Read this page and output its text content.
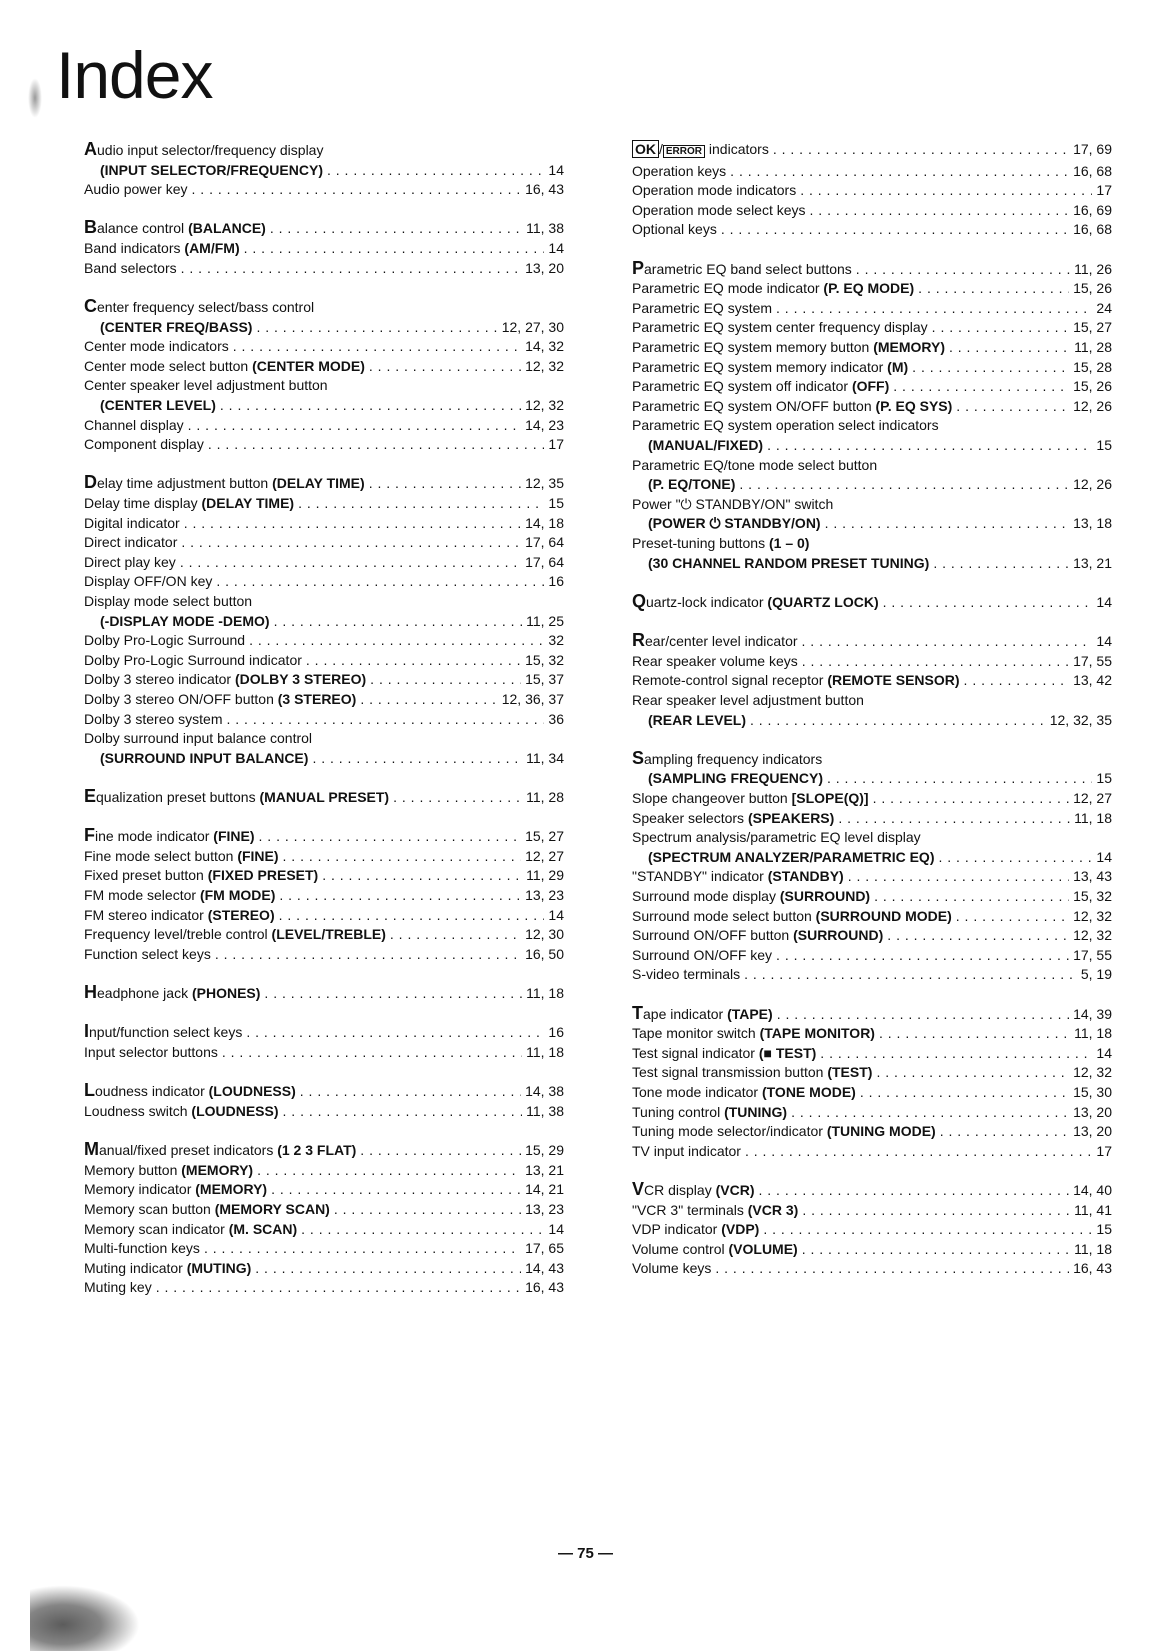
Index
Audio input selector/frequency display
(INPUT SELECTOR/FREQUENCY) . . .	14
Audio power key . . .	16, 43
Balance control (BALANCE) . . .	11, 38
Band indicators (AM/FM) . . .	14
Band selectors . . .	13, 20
Center frequency select/bass control
(CENTER FREQ/BASS) . . .	12, 27, 30
Center mode indicators . . .	14, 32
Center mode select button (CENTER MODE) . . .	12, 32
Center speaker level adjustment button
(CENTER LEVEL) . . .	12, 32
Channel display . . .	14, 23
Component display . . .	17
Delay time adjustment button (DELAY TIME) . . .	12, 35
Delay time display (DELAY TIME) . . .	15
Digital indicator . . .	14, 18
Direct indicator . . .	17, 64
Direct play key . . .	17, 64
Display OFF/ON key . . .	16
Display mode select button
(-DISPLAY MODE -DEMO) . . .	11, 25
Dolby Pro-Logic Surround . . .	32
Dolby Pro-Logic Surround indicator . . .	15, 32
Dolby 3 stereo indicator (DOLBY 3 STEREO) . . .	15, 37
Dolby 3 stereo ON/OFF button (3 STEREO) . . .	12, 36, 37
Dolby 3 stereo system . . .	36
Dolby surround input balance control
(SURROUND INPUT BALANCE) . . .	11, 34
Equalization preset buttons (MANUAL PRESET) . . .	11, 28
Fine mode indicator (FINE) . . .	15, 27
Fine mode select button (FINE) . . .	12, 27
Fixed preset button (FIXED PRESET) . . .	11, 29
FM mode selector (FM MODE) . . .	13, 23
FM stereo indicator (STEREO) . . .	14
Frequency level/treble control (LEVEL/TREBLE) . . .	12, 30
Function select keys . . .	16, 50
Headphone jack (PHONES) . . .	11, 18
Input/function select keys . . .	16
Input selector buttons . . .	11, 18
Loudness indicator (LOUDNESS) . . .	14, 38
Loudness switch (LOUDNESS) . . .	11, 38
Manual/fixed preset indicators (1 2 3 FLAT) . . .	15, 29
Memory button (MEMORY) . . .	13, 21
Memory indicator (MEMORY) . . .	14, 21
Memory scan button (MEMORY SCAN) . . .	13, 23
Memory scan indicator (M. SCAN) . . .	14
Multi-function keys . . .	17, 65
Muting indicator (MUTING) . . .	14, 43
Muting key . . .	16, 43
OK / ERROR indicators . . .	17, 69
Operation keys . . .	16, 68
Operation mode indicators . . .	17
Operation mode select keys . . .	16, 69
Optional keys . . .	16, 68
Parametric EQ band select buttons . . .	11, 26
Parametric EQ mode indicator (P. EQ MODE) . . .	15, 26
Parametric EQ system . . .	24
Parametric EQ system center frequency display . . .	15, 27
Parametric EQ system memory button (MEMORY) . . .	11, 28
Parametric EQ system memory indicator (M) . . .	15, 28
Parametric EQ system off indicator (OFF) . . .	15, 26
Parametric EQ system ON/OFF button (P. EQ SYS) . . .	12, 26
Parametric EQ system operation select indicators
(MANUAL/FIXED) . . .	15
Parametric EQ/tone mode select button
(P. EQ/TONE) . . .	12, 26
Power "⏻ STANDBY/ON" switch
(POWER ⏻ STANDBY/ON) . . .	13, 18
Preset-tuning buttons (1 – 0)
(30 CHANNEL RANDOM PRESET TUNING) . . .	13, 21
Quartz-lock indicator (QUARTZ LOCK) . . .	14
Rear/center level indicator . . .	14
Rear speaker volume keys . . .	17, 55
Remote-control signal receptor (REMOTE SENSOR) . . .	13, 42
Rear speaker level adjustment button
(REAR LEVEL) . . .	12, 32, 35
Sampling frequency indicators
(SAMPLING FREQUENCY) . . .	15
Slope changeover button [SLOPE(Q)] . . .	12, 27
Speaker selectors (SPEAKERS) . . .	11, 18
Spectrum analysis/parametric EQ level display
(SPECTRUM ANALYZER/PARAMETRIC EQ) . . .	14
"STANDBY" indicator (STANDBY) . . .	13, 43
Surround mode display (SURROUND) . . .	15, 32
Surround mode select button (SURROUND MODE) . . .	12, 32
Surround ON/OFF button (SURROUND) . . .	12, 32
Surround ON/OFF key . . .	17, 55
S-video terminals . . .	5, 19
Tape indicator (TAPE) . . .	14, 39
Tape monitor switch (TAPE MONITOR) . . .	11, 18
Test signal indicator (■ TEST) . . .	14
Test signal transmission button (TEST) . . .	12, 32
Tone mode indicator (TONE MODE) . . .	15, 30
Tuning control (TUNING) . . .	13, 20
Tuning mode selector/indicator (TUNING MODE) . . .	13, 20
TV input indicator . . .	17
VCR display (VCR) . . .	14, 40
"VCR 3" terminals (VCR 3) . . .	11, 41
VDP indicator (VDP) . . .	15
Volume control (VOLUME) . . .	11, 18
Volume keys . . .	16, 43
— 75 —
